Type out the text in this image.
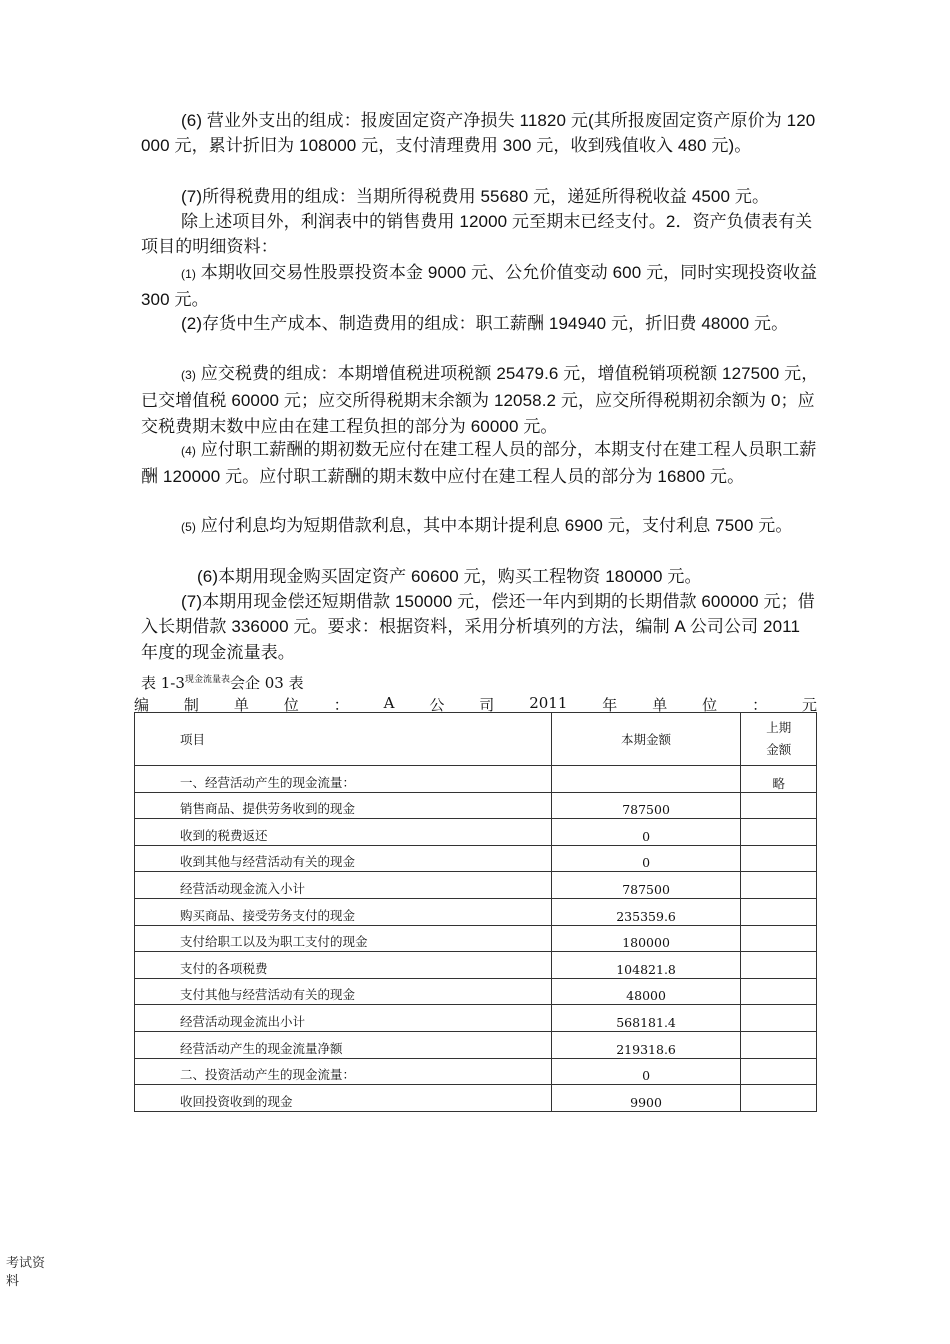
(6) 营业外支出的组成：报废固定资产净损失 11820 元(其所报废固定资产原价为 120000 元，累计折旧为 108000 元，支付清理费用 300 元，收到残值收入 480 元)。

(7)所得税费用的组成：当期所得税费用 55680 元，递延所得税收益 4500 元。

除上述项目外，利润表中的销售费用 12000 元至期末已经支付。2．资产负债表有关项目的明细资料：

(1) 本期收回交易性股票投资本金 9000 元、公允价值变动 600 元，同时实现投资收益 300 元。

(2)存货中生产成本、制造费用的组成：职工薪酬 194940 元，折旧费 48000 元。

(3) 应交税费的组成：本期增值税进项税额 25479.6 元，增值税销项税额 127500 元，已交增值税 60000 元；应交所得税期末余额为 12058.2 元，应交所得税期初余额为 0；应交税费期末数中应由在建工程负担的部分为 60000 元。

(4) 应付职工薪酬的期初数无应付在建工程人员的部分，本期支付在建工程人员职工薪酬 120000 元。应付职工薪酬的期末数中应付在建工程人员的部分为 16800 元。

(5) 应付利息均为短期借款利息，其中本期计提利息 6900 元，支付利息 7500 元。

(6)本期用现金购买固定资产 60600 元，购买工程物资 180000 元。

(7)本期用现金偿还短期借款 150000 元，偿还一年内到期的长期借款 600000 元；借入长期借款 336000 元。要求：根据资料，采用分析填列的方法，编制 A 公司公司 2011 年度的现金流量表。

表 $1-3^{现金流量表}$会企 03 表
编 制 单 位 ： A 公 司 2011 年 单 位 ： 元
项目	本期金额	上期
金额
一、经营活动产生的现金流量：		略
销售商品、提供劳务收到的现金	787500	
收到的税费返还	0	
收到其他与经营活动有关的现金	0	
经营活动现金流入小计	787500	
购买商品、接受劳务支付的现金	235359.6	
支付给职工以及为职工支付的现金	180000	
支付的各项税费	104821.8	
支付其他与经营活动有关的现金	48000	
经营活动现金流出小计	568181.4	
经营活动产生的现金流量净额	219318.6	
二、投资活动产生的现金流量：	0	
收回投资收到的现金	9900	
考试资
料
